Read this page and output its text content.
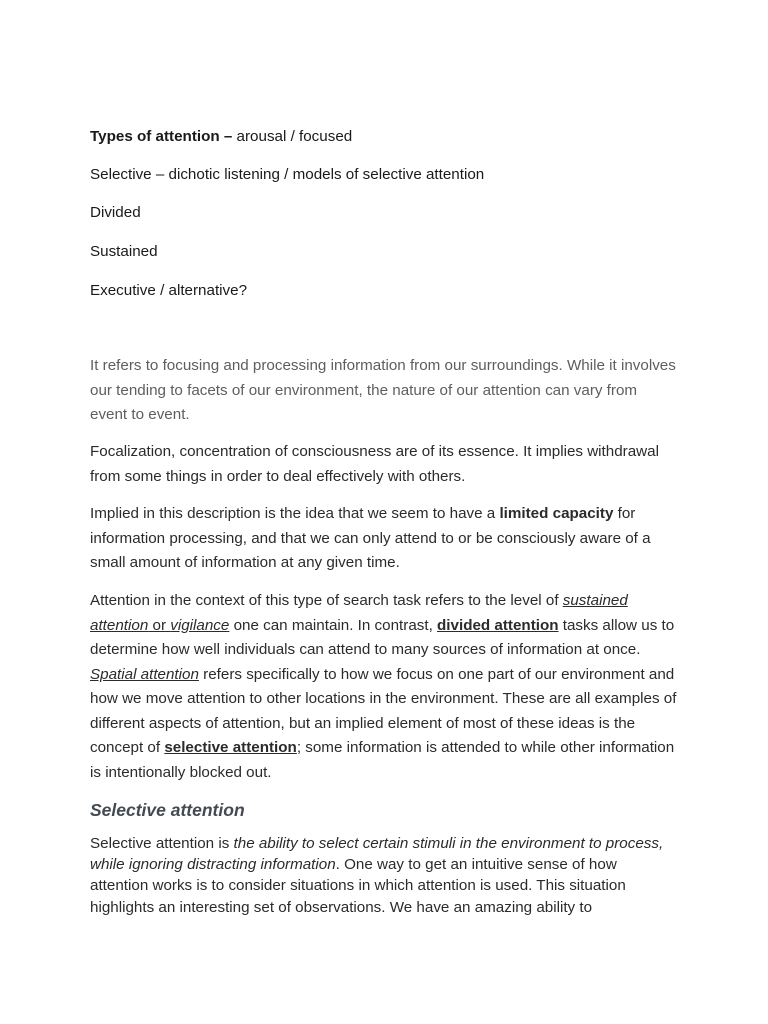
Types of attention – arousal / focused
Selective – dichotic listening / models of selective attention
Divided
Sustained
Executive / alternative?
It refers to focusing and processing information from our surroundings. While it involves our tending to facets of our environment, the nature of our attention can vary from event to event.
Focalization, concentration of consciousness are of its essence. It implies withdrawal from some things in order to deal effectively with others.
Implied in this description is the idea that we seem to have a limited capacity for information processing, and that we can only attend to or be consciously aware of a small amount of information at any given time.
Attention in the context of this type of search task refers to the level of sustained attention or vigilance one can maintain. In contrast, divided attention tasks allow us to determine how well individuals can attend to many sources of information at once. Spatial attention refers specifically to how we focus on one part of our environment and how we move attention to other locations in the environment. These are all examples of different aspects of attention, but an implied element of most of these ideas is the concept of selective attention; some information is attended to while other information is intentionally blocked out.
Selective attention
Selective attention is the ability to select certain stimuli in the environment to process, while ignoring distracting information. One way to get an intuitive sense of how attention works is to consider situations in which attention is used. This situation highlights an interesting set of observations. We have an amazing ability to
